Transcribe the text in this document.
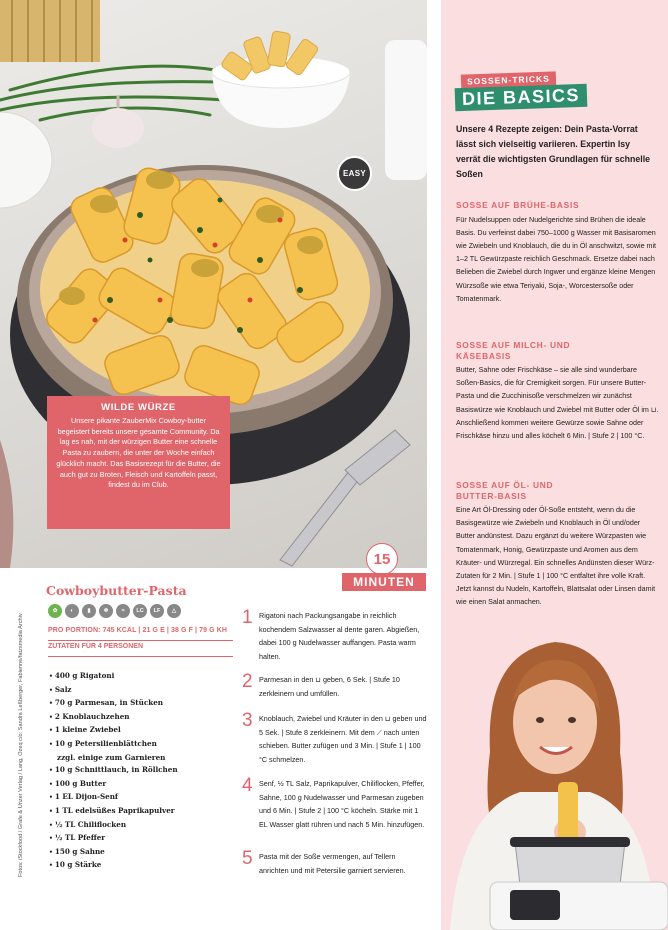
EASY
WILDE WÜRZE

Unsere pikante ZauberMix Cowboy-butter begeistert bereits unsere gesamte Community. Da lag es nah, mit der würzigen Butter eine schnelle Pasta zu zaubern, die unter der Woche einfach glücklich macht. Das Basisrezept für die Butter, die auch gut zu Broten, Fleisch und Kartoffeln passt, findest du im Club.

15
MINUTEN
Fotos: iStockfood / Grafe & Unzer Verlag / Lang, Ozeq c/o: Sandra Leßberger, Fabienne/fatzsmedia Archiv
Cowboybutter-Pasta
✿	◐	▮	❄	≈	LC	LF	△
PRO PORTION: 745 KCAL | 21 G E | 38 G F | 79 G KH
ZUTATEN FÜR 4 PERSONEN
• 400 g Rigatoni
• Salz
• 70 g Parmesan, in Stücken
• 2 Knoblauchzehen
• 1 kleine Zwiebel
• 10 g Petersilienblättchen
zzgl. einige zum Garnieren
• 10 g Schnittlauch, in Röllchen
• 100 g Butter
• 1 EL Dijon-Senf
• 1 TL edelsüßes Paprikapulver
• ½ TL Chiliflocken
• ½ TL Pfeffer
• 150 g Sahne
• 10 g Stärke
1 Rigatoni nach Packungsangabe in reichlich kochendem Salzwasser al dente garen. Abgießen, dabei 100 g Nudelwasser auffangen. Pasta warm halten.

2 Parmesan in den ⊔ geben, 6 Sek. | Stufe 10 zerkleinern und umfüllen.

3 Knoblauch, Zwiebel und Kräuter in den ⊔ geben und 5 Sek. | Stufe 8 zerkleinern. Mit dem ⟋ nach unten schieben. Butter zufügen und 3 Min. | Stufe 1 | 100 °C schmelzen.

4 Senf, ½ TL Salz, Paprikapulver, Chiliflocken, Pfeffer, Sahne, 100 g Nudelwasser und Parmesan zugeben und 6 Min. | Stufe 2 | 100 °C köcheln. Stärke mit 1 EL Wasser glatt rühren und nach 5 Min. hinzufügen.

5 Pasta mit der Soße vermengen, auf Tellern anrichten und mit Petersilie garniert servieren.

SOSSEN-TRICKS
DIE BASICS
Unsere 4 Rezepte zeigen: Dein Pasta-Vorrat lässt sich vielseitig variieren. Expertin Isy verrät die wichtigsten Grundlagen für schnelle Soßen
SOSSE AUF BRÜHE-BASIS

Für Nudelsuppen oder Nudelgerichte sind Brühen die ideale Basis. Du verfeinst dabei 750–1000 g Wasser mit Basisaromen wie Zwiebeln und Knoblauch, die du in Öl anschwitzt, sowie mit 1–2 TL Gewürzpaste reichlich Geschmack. Ersetze dabei nach Belieben die Zwiebel durch Ingwer und ergänze kleine Mengen Würzsoße wie etwa Teriyaki, Soja-, Worcestersoße oder Tomatenmark.

SOSSE AUF MILCH- UND KÄSEBASIS

Butter, Sahne oder Frischkäse – sie alle sind wunderbare Soßen-Basics, die für Cremigkeit sorgen. Für unsere Butter-Pasta und die Zucchinisoße verschmelzen wir zunächst Basiswürze wie Knoblauch und Zwiebel mit Butter oder Öl im ⊔. Anschließend kommen weitere Gewürze sowie Sahne oder Frischkäse hinzu und alles köchelt 6 Min. | Stufe 2 | 100 °C.

SOSSE AUF ÖL- UND BUTTER-BASIS

Eine Art Öl-Dressing oder Öl-Soße entsteht, wenn du die Basisgewürze wie Zwiebeln und Knoblauch in Öl und/oder Butter andünstest. Dazu ergänzt du weitere Würzpasten wie Tomatenmark, Honig, Gewürzpaste und Aromen aus dem Kräuter- und Würzregal. Ein schnelles Andünsten dieser Würz-Zutaten für 2 Min. | Stufe 1 | 100 °C entfaltet ihre volle Kraft. Jetzt kannst du Nudeln, Kartoffeln, Blattsalat oder Linsen damit wie einen Salat anmachen.
